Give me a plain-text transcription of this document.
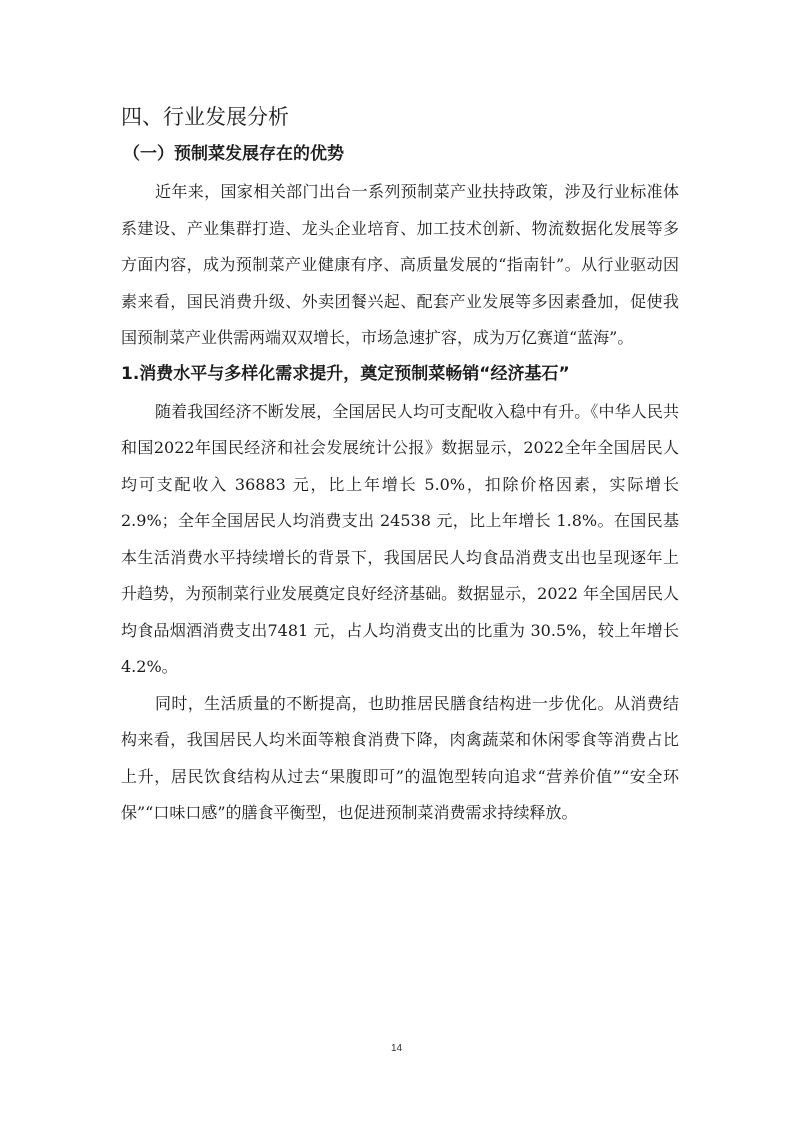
四、行业发展分析
（一）预制菜发展存在的优势

近年来，国家相关部门出台一系列预制菜产业扶持政策，涉及行业标准体系建设、产业集群打造、龙头企业培育、加工技术创新、物流数据化发展等多方面内容，成为预制菜产业健康有序、高质量发展的“指南针”。从行业驱动因素来看，国民消费升级、外卖团餐兴起、配套产业发展等多因素叠加，促使我国预制菜产业供需两端双双增长，市场急速扩容，成为万亿赛道“蓝海”。

1.消费水平与多样化需求提升，奠定预制菜畅销“经济基石”

随着我国经济不断发展，全国居民人均可支配收入稳中有升。《中华人民共和国2022年国民经济和社会发展统计公报》数据显示，2022全年全国居民人均可支配收入 36883 元，比上年增长 5.0%，扣除价格因素，实际增长 2.9%；全年全国居民人均消费支出 24538 元，比上年增长 1.8%。在国民基本生活消费水平持续增长的背景下，我国居民人均食品消费支出也呈现逐年上升趋势，为预制菜行业发展奠定良好经济基础。数据显示，2022 年全国居民人均食品烟酒消费支出7481 元，占人均消费支出的比重为 30.5%，较上年增长 4.2%。

同时，生活质量的不断提高，也助推居民膳食结构进一步优化。从消费结构来看，我国居民人均米面等粮食消费下降，肉禽蔬菜和休闲零食等消费占比上升，居民饮食结构从过去“果腹即可”的温饱型转向追求“营养价值”“安全环保”“口味口感”的膳食平衡型，也促进预制菜消费需求持续释放。

14
